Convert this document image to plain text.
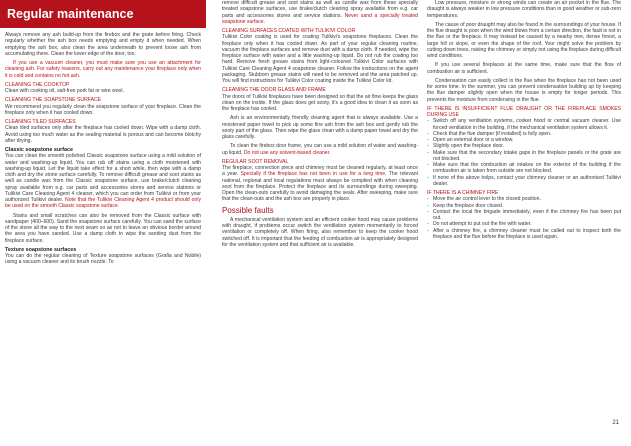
Regular maintenance

Always remove any ash build-up from the firebox and the grate before firing. Check regularly whether the ash box needs emptying and empty it when needed. When emptying the ash box, also clean the area underneath to prevent loose ash from accumulating there. Clean the lower edge of the door, too.

If you use a vacuum cleaner, you must make sure you use an attachment for cleaning ash. For safety reasons, carry out any maintenance your fireplace only when it is cold and contains no hot ash.

CLEANING THE COOKTOP

Clean with cooking oil, salt-free pork fat or wire wool.

CLEANING THE SOAPSTONE SURFACE

We recommend you regularly clean the soapstone surface of your fireplace. Clean the fireplace only when it has cooled down.

CLEANING TILED SURFACES

Clean tiled surfaces only after the fireplace has cooled down. Wipe with a damp cloth. Avoid using too much water as the sealing material is porous and can become blotchy after drying.

Classic soapstone surface

You can clean the smooth polished Classic soapstone surface using a mild solution of water and washing-up liquid. You can rub off stains using a cloth moistened with washing-up liquid. Let the liquid take effect for a short while, then wipe with a damp cloth and dry the stone surface carefully. To remove difficult grease and soot stains as well as candle wax from the Classic soapstone surface, use brake/clutch cleaning spray available from e.g. car parts and accessories stores and service stations or Tulikivi Care Cleaning Agent 4 cleaner, which you can order from Tulikivi or from your authorized Tulikivi dealer. Note that the Tulikivi Cleaning Agent 4 product should only be used on the smooth Classic soapstone surface.

Stains and small scratches can also be removed from the Classic surface with sandpaper (400–600). Sand the soapstone surface carefully. You can sand the surface of the stone all the way to the next seam so as not to leave an obvious border around the area you have sanded. Use a damp cloth to wipe the sanding dust from the fireplace surface.

Texture soapstone surfaces

You can do the regular cleaning of Texture soapstone surfaces (Grafia and Nobile) using a vacuum cleaner and its brush nozzle. To

remove difficult grease and soot stains as well as candle wax from these specially treated soapstone surfaces, use brake/clutch cleaning spray available from e.g. car parts and accessories stores and service stations. Never sand a specially treated soapstone surface.

CLEANING SURFACES COATED WITH TULIKIVI COLOR

Tulikivi Color coating is used for coating Tulikivi's soapstone fireplaces. Clean the fireplace only when it has cooled down. As part of your regular cleaning routine, vacuum the fireplace surfaces and remove dust with a damp cloth. If needed, wipe the fireplace surface with water and a little washing-up liquid. Do not rub the coating too hard. Remove fresh grease stains from light-coloured Tulikivi Color surfaces with Tulikivi Care Cleaning Agent 4 soapstone cleaner. Follow the instructions on the agent packaging. Stubborn grease stains will need to be removed and the area patched up. You will find instructions for Tulikivi Color coating inside the Tulikivi Color kit.

CLEANING THE DOOR GLASS AND FRAME

The doors of Tulikivi fireplaces have been designed so that the air flow keeps the glass clean on the inside. If the glass does get sooty, it's a good idea to clean it as soon as the fireplace has cooled.

Ash is an environmentally friendly cleaning agent that is always available. Use a moistened paper towel to pick up some fine ash from the ash box and gently rub the sooty part of the glass. Then wipe the glass clean with a damp paper towel and dry the glass carefully.

To clean the firebox door frame, you can use a mild solution of water and washing-up liquid. Do not use any solvent-based cleaner.

REGULAR SOOT REMOVAL

The fireplace, connection piece and chimney must be cleaned regularly, at least once a year. Specially if the fireplace has not been in use for a long time. The relevant national, regional and local regulations must always be complied with when cleaning soot from the fireplace. Protect the fireplace and its surroundings during sweeping. Open the clean-outs carefully to avoid damaging the seals. After sweeping, make sure that the clean-outs and the ash box are properly in place.

Possible faults

A mechanical ventilation system and an efficient cooker hood may cause problems with draught, if problems occur switch the ventilation system momentarily to forced ventilation or completely off. When firing, also remember to keep the cooker hood switched off. It is important that the feeding of combustion air is appropriately designed for the ventilation system and that sufficient air is available.

Low pressure, moisture or strong winds can create an air pocket in the flue. The draught is always weaker in low pressure conditions than in good weather or sub-zero temperatures.

The cause of poor draught may also be found in the surroundings of your house. If the flue draught is poor when the wind blows from a certain direction, the fault is not in the flue or the fireplace. It may instead be caused by a nearby tree, dense forest, a large hill or slope, or even the shape of the roof. Your might solve the problem by cutting down trees, raising the chimney or simply not using the fireplace during difficult wind conditions.

If you use several fireplaces at the same time, make sure that the flow of combustion air is sufficient.

Condensation can easily collect in the flue when the fireplace has not been used for some time. In the summer, you can prevent condensation building up by keeping the flue damper slightly open when the house is empty for longer periods. This prevents the moisture from condensing in the flue.

IF THERE IS INSUFFICIENT FLUE DRAUGHT OR THE FIREPLACE SMOKES DURING USE
- Switch off any ventilation systems, cooker hood or central vacuum cleaner. Use forced ventilation in the building, if the mechanical ventilation system allows it.
- Check that the flue damper (if installed) is fully open.
- Open an external door or a window.
- Slightly open the fireplace door.
- Make sure that the secondary intake gaps in the fireplace panels or the grate are not blocked.
- Make sure that the combustion air intakes on the exterior of the building if the combustion air is taken from outside are not blocked.
- If none of the above helps, contact your chimney cleaner or an authorised Tulikivi dealer.
IF THERE IS A CHIMNEY FIRE
- Move the air control lever to the closed position.
- Keep the fireplace door closed.
- Contact the local fire brigade immediately, even if the chimney fire has been put out.
- Do not attempt to put out the fire with water.
- After a chimney fire, a chimney cleaner must be called out to inspect both the fireplace and the flue before the fireplace is used again.
21
